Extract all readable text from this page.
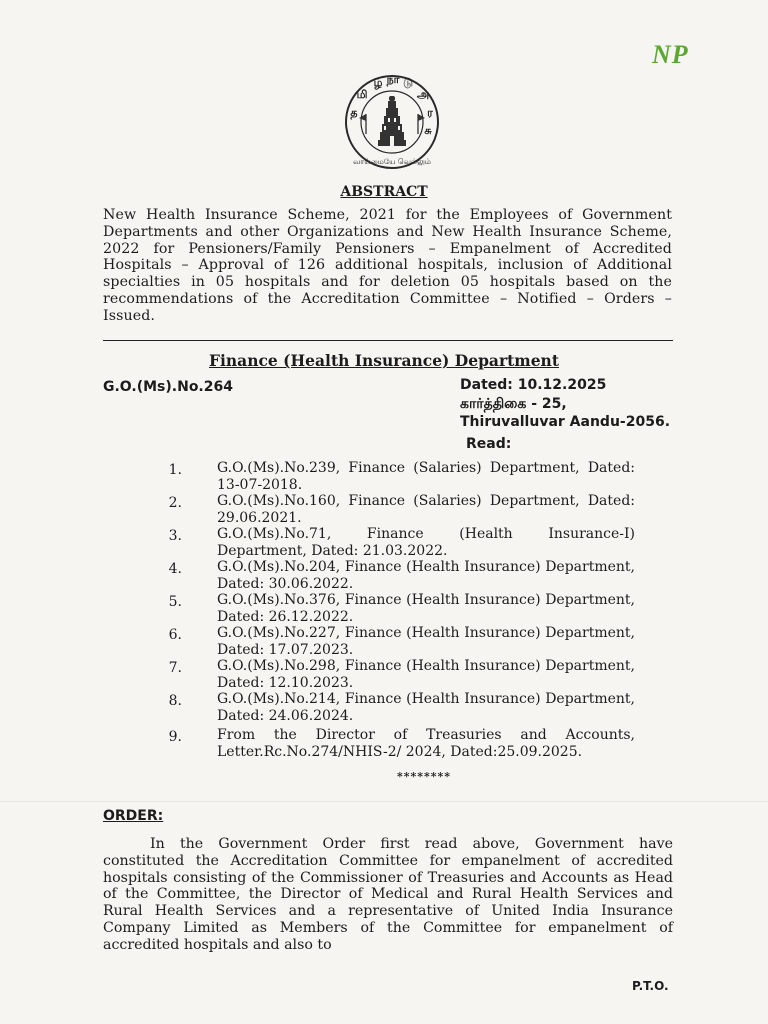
NP
த
மி
ழ் நா டு
அ
ர
சு
வாய்மையே வெல்லும்
ABSTRACT
New Health Insurance Scheme, 2021 for the Employees of Government Departments and other Organizations and New Health Insurance Scheme, 2022 for Pensioners/Family Pensioners – Empanelment of Accredited Hospitals – Approval of 126 additional hospitals, inclusion of Additional specialties in 05 hospitals and for deletion 05 hospitals based on the recommendations of the Accreditation Committee – Notified – Orders – Issued.
Finance (Health Insurance) Department
G.O.(Ms).No.264	Dated: 10.12.2025
கார்த்திகை - 25,
Thiruvalluvar Aandu-2056.
Read:
1.	G.O.(Ms).No.239, Finance (Salaries) Department, Dated: 13-07-2018.
2.	G.O.(Ms).No.160, Finance (Salaries) Department, Dated: 29.06.2021.
3.	G.O.(Ms).No.71, Finance (Health Insurance-I) Department, Dated: 21.03.2022.
4.	G.O.(Ms).No.204, Finance (Health Insurance) Department, Dated: 30.06.2022.
5.	G.O.(Ms).No.376, Finance (Health Insurance) Department, Dated: 26.12.2022.
6.	G.O.(Ms).No.227, Finance (Health Insurance) Department, Dated: 17.07.2023.
7.	G.O.(Ms).No.298, Finance (Health Insurance) Department, Dated: 12.10.2023.
8.	G.O.(Ms).No.214, Finance (Health Insurance) Department, Dated: 24.06.2024.
9.	From the Director of Treasuries and Accounts, Letter.Rc.No.274/NHIS-2/ 2024, Dated:25.09.2025.
********
ORDER:
In the Government Order first read above, Government have constituted the Accreditation Committee for empanelment of accredited hospitals consisting of the Commissioner of Treasuries and Accounts as Head of the Committee, the Director of Medical and Rural Health Services and Rural Health Services and a representative of United India Insurance Company Limited as Members of the Committee for empanelment of accredited hospitals and also to
P.T.O.
